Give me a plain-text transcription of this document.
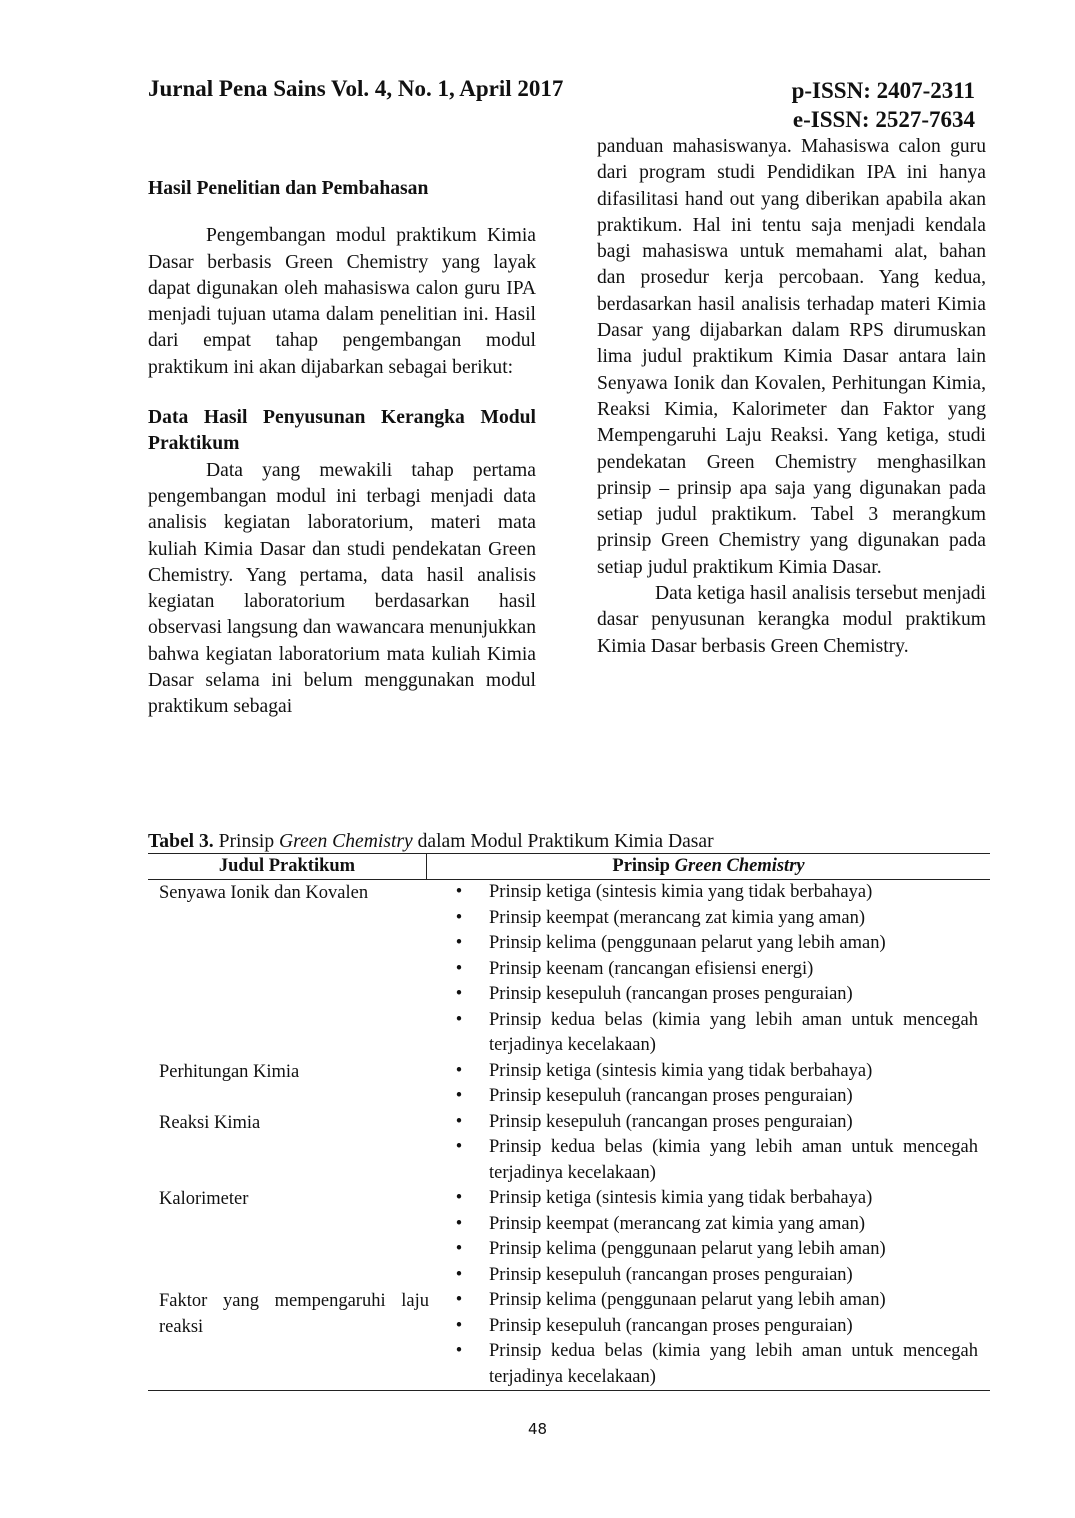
Jurnal Pena Sains Vol. 4, No. 1, April 2017	p-ISSN: 2407-2311
e-ISSN: 2527-7634

Hasil Penelitian dan Pembahasan

Pengembangan modul praktikum Kimia Dasar berbasis Green Chemistry yang layak dapat digunakan oleh mahasiswa calon guru IPA menjadi tujuan utama dalam penelitian ini. Hasil dari empat tahap pengembangan modul praktikum ini akan dijabarkan sebagai berikut:

Data Hasil Penyusunan Kerangka Modul Praktikum

Data yang mewakili tahap pertama pengembangan modul ini terbagi menjadi data analisis kegiatan laboratorium, materi mata kuliah Kimia Dasar dan studi pendekatan Green Chemistry. Yang pertama, data hasil analisis kegiatan laboratorium berdasarkan hasil observasi langsung dan wawancara menunjukkan bahwa kegiatan laboratorium mata kuliah Kimia Dasar selama ini belum menggunakan modul praktikum sebagai

panduan mahasiswanya. Mahasiswa calon guru dari program studi Pendidikan IPA ini hanya difasilitasi hand out yang diberikan apabila akan praktikum. Hal ini tentu saja menjadi kendala bagi mahasiswa untuk memahami alat, bahan dan prosedur kerja percobaan. Yang kedua, berdasarkan hasil analisis terhadap materi Kimia Dasar yang dijabarkan dalam RPS dirumuskan lima judul praktikum Kimia Dasar antara lain Senyawa Ionik dan Kovalen, Perhitungan Kimia, Reaksi Kimia, Kalorimeter dan Faktor yang Mempengaruhi Laju Reaksi. Yang ketiga, studi pendekatan Green Chemistry menghasilkan prinsip – prinsip apa saja yang digunakan pada setiap judul praktikum. Tabel 3 merangkum prinsip Green Chemistry yang digunakan pada setiap judul praktikum Kimia Dasar.

Data ketiga hasil analisis tersebut menjadi dasar penyusunan kerangka modul praktikum Kimia Dasar berbasis Green Chemistry.

Tabel 3. Prinsip Green Chemistry dalam Modul Praktikum Kimia Dasar
Judul Praktikum	Prinsip Green Chemistry
Senyawa Ionik dan Kovalen	•	Prinsip ketiga (sintesis kimia yang tidak berbahaya)
•	Prinsip keempat (merancang zat kimia yang aman)
•	Prinsip kelima (penggunaan pelarut yang lebih aman)
•	Prinsip keenam (rancangan efisiensi energi)
•	Prinsip kesepuluh (rancangan proses penguraian)
•	Prinsip kedua belas (kimia yang lebih aman untuk mencegah terjadinya kecelakaan)
Perhitungan Kimia	•	Prinsip ketiga (sintesis kimia yang tidak berbahaya)
•	Prinsip kesepuluh (rancangan proses penguraian)
Reaksi Kimia	•	Prinsip kesepuluh (rancangan proses penguraian)
•	Prinsip kedua belas (kimia yang lebih aman untuk mencegah terjadinya kecelakaan)
Kalorimeter	•	Prinsip ketiga (sintesis kimia yang tidak berbahaya)
•	Prinsip keempat (merancang zat kimia yang aman)
•	Prinsip kelima (penggunaan pelarut yang lebih aman)
•	Prinsip kesepuluh (rancangan proses penguraian)
Faktor yang mempengaruhi laju reaksi
•	Prinsip kelima (penggunaan pelarut yang lebih aman)
•	Prinsip kesepuluh (rancangan proses penguraian)
•	Prinsip kedua belas (kimia yang lebih aman untuk mencegah terjadinya kecelakaan)
48
